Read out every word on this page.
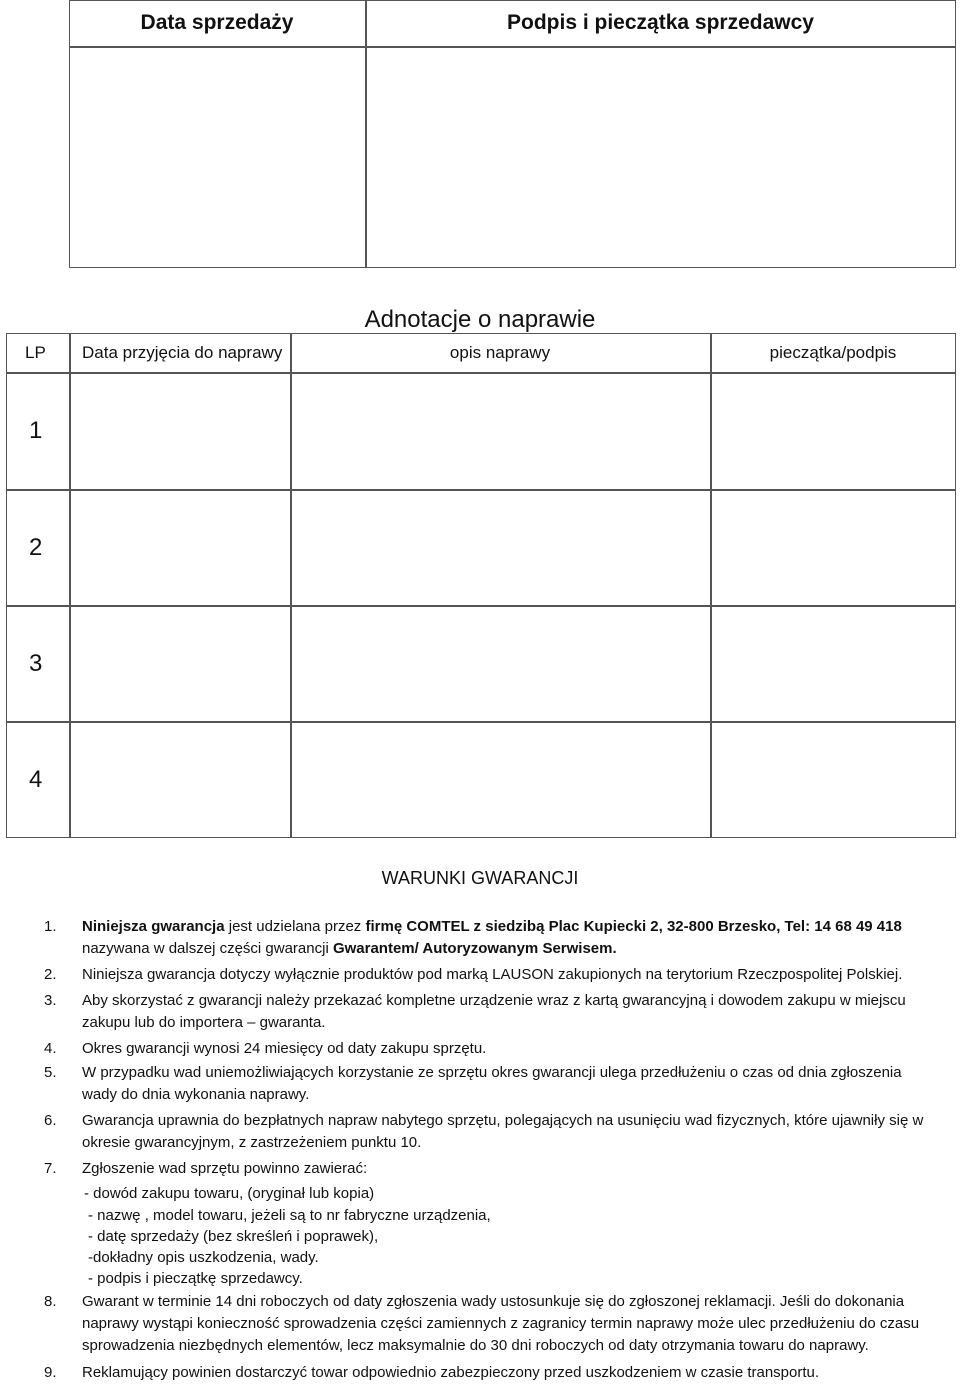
Data sprzedaży	Podpis i pieczątka sprzedawcy
Adnotacje o naprawie
LP Data przyjęcia do naprawy	opis naprawy	pieczątka/podpis
1
2
3
4
WARUNKI GWARANCJI
1. Niniejsza gwarancja jest udzielana przez firmę COMTEL z siedzibą Plac Kupiecki 2, 32-800 Brzesko, Tel: 14 68 49 418
nazywana w dalszej części gwarancji Gwarantem/ Autoryzowanym Serwisem.
2. Niniejsza gwarancja dotyczy wyłącznie produktów pod marką LAUSON zakupionych na terytorium Rzeczpospolitej Polskiej.
3. Aby skorzystać z gwarancji należy przekazać kompletne urządzenie wraz z kartą gwarancyjną i dowodem zakupu w miejscu
zakupu lub do importera – gwaranta.
4. Okres gwarancji wynosi 24 miesięcy od daty zakupu sprzętu.
5. W przypadku wad uniemożliwiających korzystanie ze sprzętu okres gwarancji ulega przedłużeniu o czas od dnia zgłoszenia
wady do dnia wykonania naprawy.
6. Gwarancja uprawnia do bezpłatnych napraw nabytego sprzętu, polegających na usunięciu wad fizycznych, które ujawniły się w
okresie gwarancyjnym, z zastrzeżeniem punktu 10.
7. Zgłoszenie wad sprzętu powinno zawierać:
- dowód zakupu towaru, (oryginał lub kopia)
- nazwę , model towaru, jeżeli są to nr fabryczne urządzenia,
- datę sprzedaży (bez skreśleń i poprawek),
-dokładny opis uszkodzenia, wady.
- podpis i pieczątkę sprzedawcy.
8. Gwarant w terminie 14 dni roboczych od daty zgłoszenia wady ustosunkuje się do zgłoszonej reklamacji. Jeśli do dokonania
naprawy wystąpi konieczność sprowadzenia części zamiennych z zagranicy termin naprawy może ulec przedłużeniu do czasu
sprowadzenia niezbędnych elementów, lecz maksymalnie do 30 dni roboczych od daty otrzymania towaru do naprawy.
9. Reklamujący powinien dostarczyć towar odpowiednio zabezpieczony przed uszkodzeniem w czasie transportu.
